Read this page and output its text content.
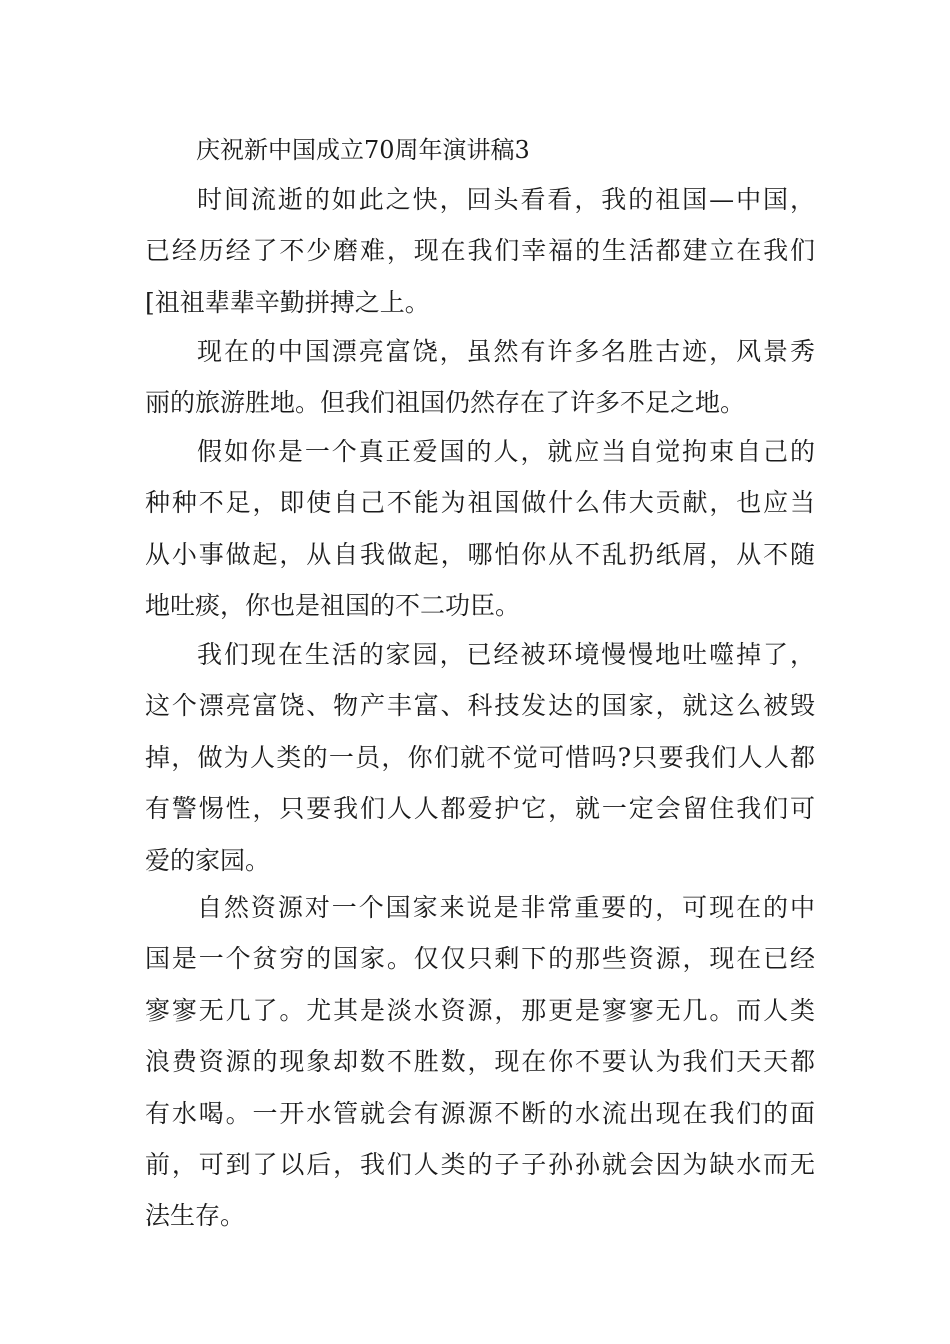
庆祝新中国成立70周年演讲稿3
时间流逝的如此之快，回头看看，我的祖国—中国，
已经历经了不少磨难，现在我们幸福的生活都建立在我们
[祖祖辈辈辛勤拼搏之上。
现在的中国漂亮富饶，虽然有许多名胜古迹，风景秀
丽的旅游胜地。但我们祖国仍然存在了许多不足之地。
假如你是一个真正爱国的人，就应当自觉拘束自己的
种种不足，即使自己不能为祖国做什么伟大贡献，也应当
从小事做起，从自我做起，哪怕你从不乱扔纸屑，从不随
地吐痰，你也是祖国的不二功臣。
我们现在生活的家园，已经被环境慢慢地吐噬掉了，
这个漂亮富饶、物产丰富、科技发达的国家，就这么被毁
掉，做为人类的一员，你们就不觉可惜吗?只要我们人人都
有警惕性，只要我们人人都爱护它，就一定会留住我们可
爱的家园。
自然资源对一个国家来说是非常重要的，可现在的中
国是一个贫穷的国家。仅仅只剩下的那些资源，现在已经
寥寥无几了。尤其是淡水资源，那更是寥寥无几。而人类
浪费资源的现象却数不胜数，现在你不要认为我们天天都
有水喝。一开水管就会有源源不断的水流出现在我们的面
前，可到了以后，我们人类的子子孙孙就会因为缺水而无
法生存。
